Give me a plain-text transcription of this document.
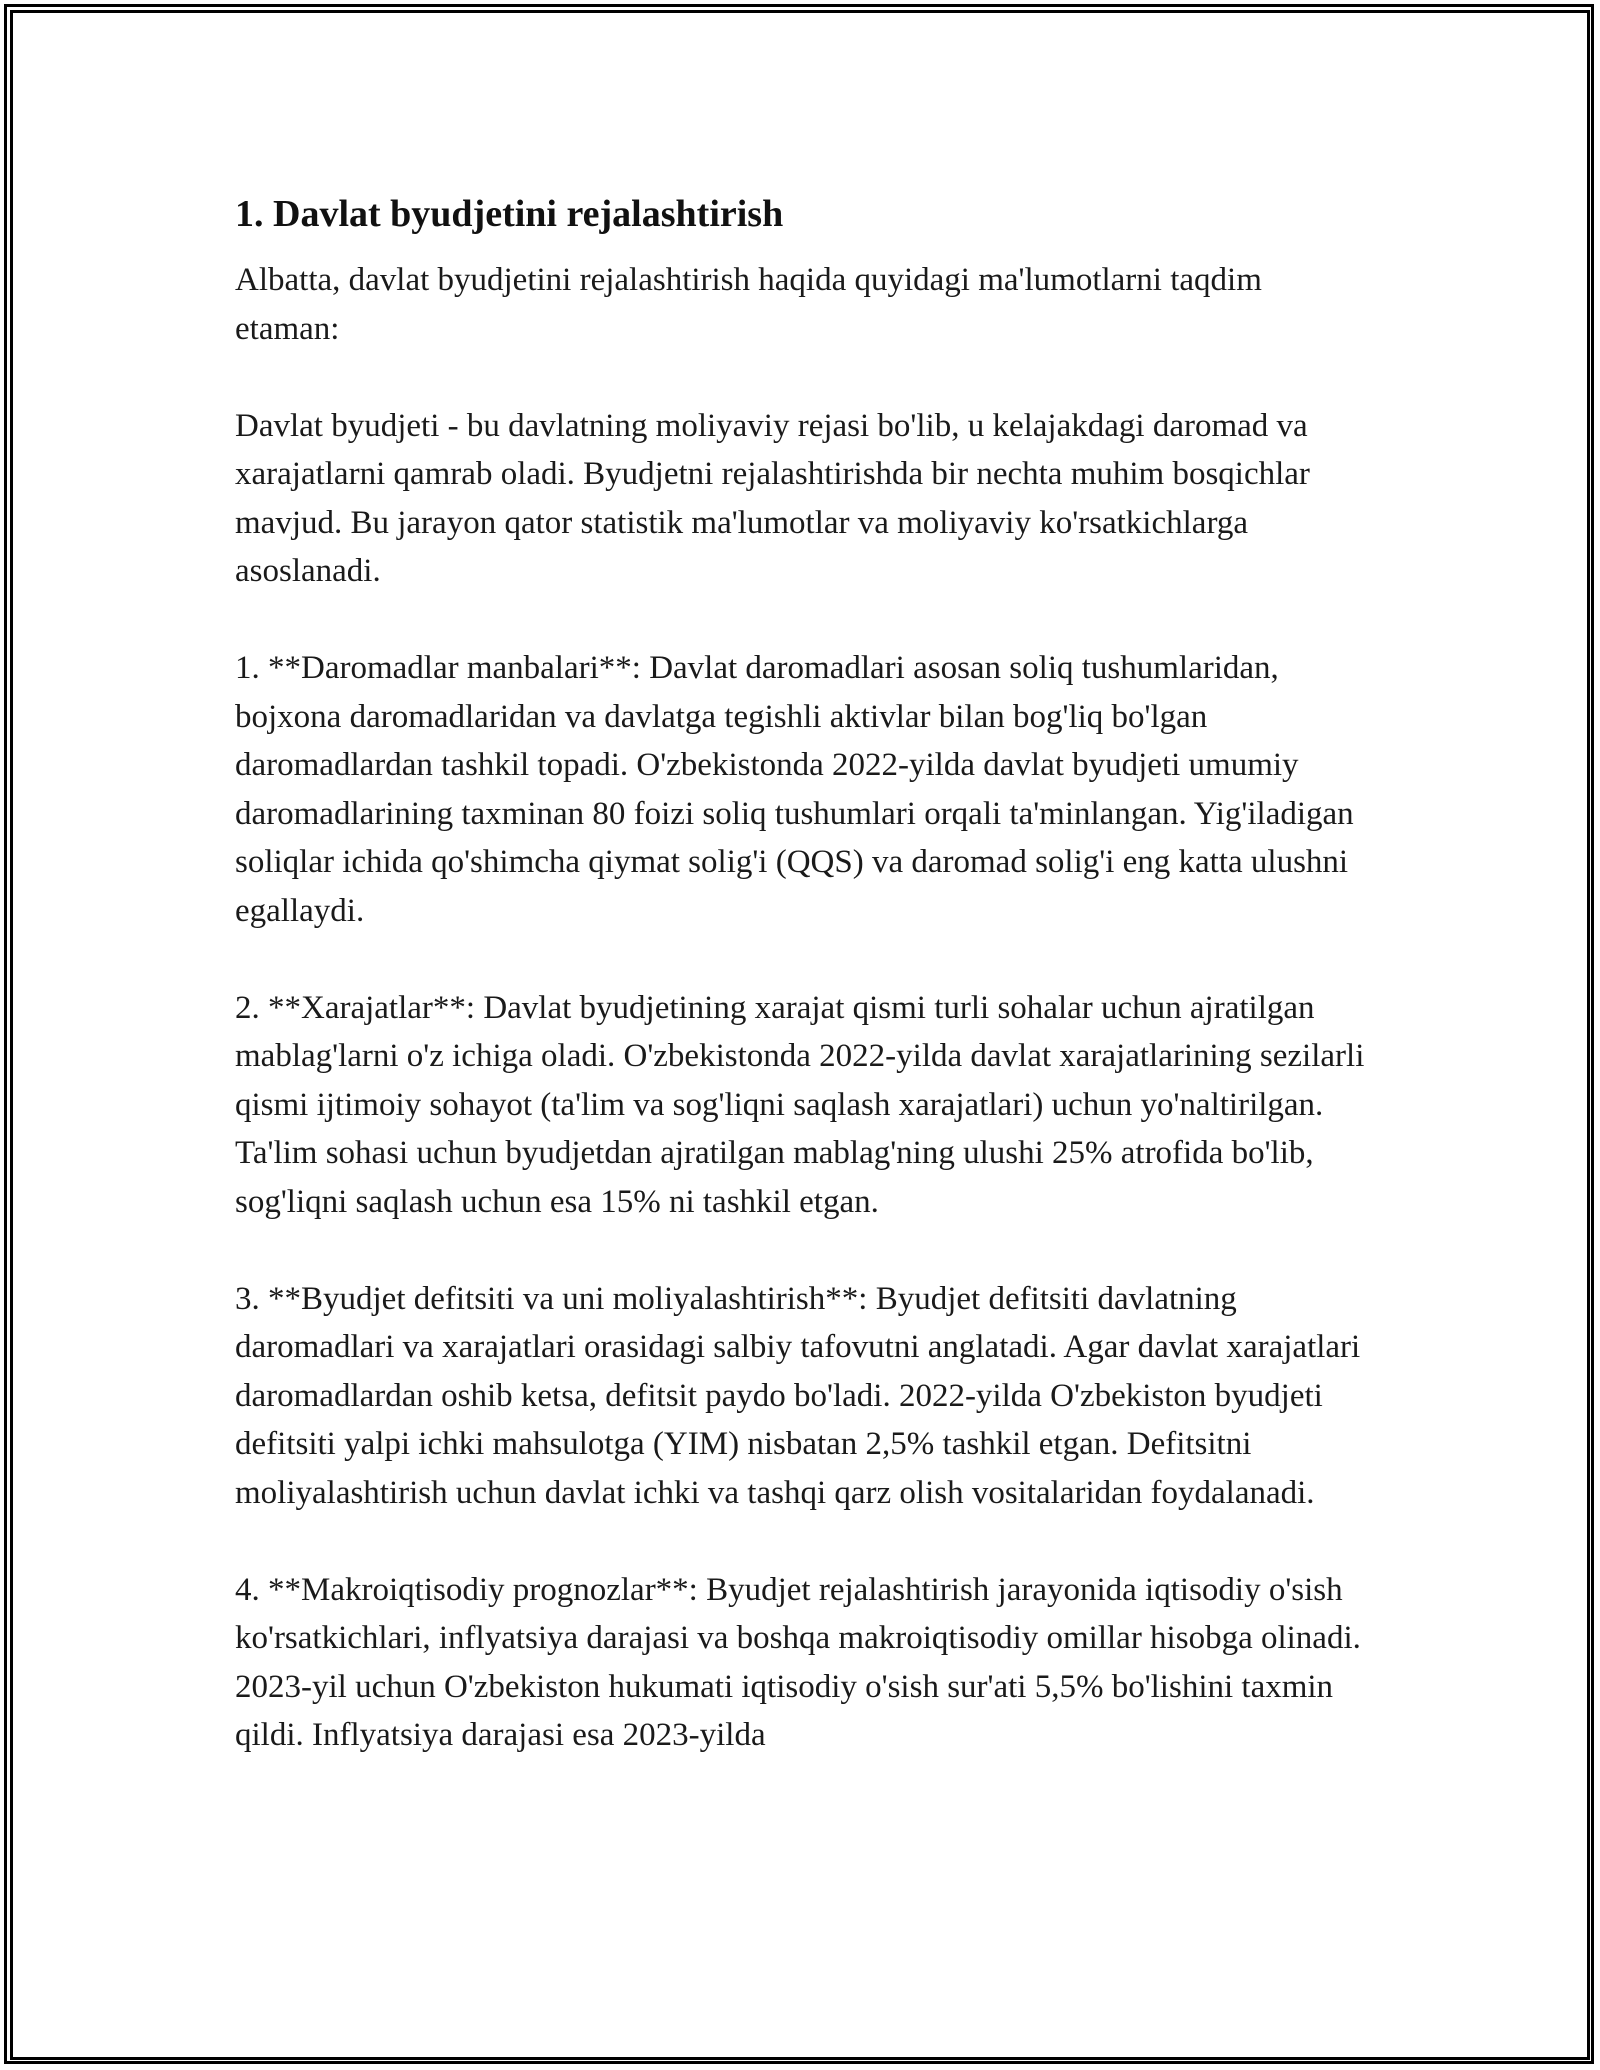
1. Davlat byudjetini rejalashtirish

Albatta, davlat byudjetini rejalashtirish haqida quyidagi ma'lumotlarni taqdim etaman:

Davlat byudjeti - bu davlatning moliyaviy rejasi bo'lib, u kelajakdagi daromad va xarajatlarni qamrab oladi. Byudjetni rejalashtirishda bir nechta muhim bosqichlar mavjud. Bu jarayon qator statistik ma'lumotlar va moliyaviy ko'rsatkichlarga asoslanadi.

1. **Daromadlar manbalari**: Davlat daromadlari asosan soliq tushumlaridan, bojxona daromadlaridan va davlatga tegishli aktivlar bilan bog'liq bo'lgan daromadlardan tashkil topadi. O'zbekistonda 2022-yilda davlat byudjeti umumiy daromadlarining taxminan 80 foizi soliq tushumlari orqali ta'minlangan. Yig'iladigan soliqlar ichida qo'shimcha qiymat solig'i (QQS) va daromad solig'i eng katta ulushni egallaydi.

2. **Xarajatlar**: Davlat byudjetining xarajat qismi turli sohalar uchun ajratilgan mablag'larni o'z ichiga oladi. O'zbekistonda 2022-yilda davlat xarajatlarining sezilarli qismi ijtimoiy sohayot (ta'lim va sog'liqni saqlash xarajatlari) uchun yo'naltirilgan. Ta'lim sohasi uchun byudjetdan ajratilgan mablag'ning ulushi 25% atrofida bo'lib, sog'liqni saqlash uchun esa 15% ni tashkil etgan.

3. **Byudjet defitsiti va uni moliyalashtirish**: Byudjet defitsiti davlatning daromadlari va xarajatlari orasidagi salbiy tafovutni anglatadi. Agar davlat xarajatlari daromadlardan oshib ketsa, defitsit paydo bo'ladi. 2022-yilda O'zbekiston byudjeti defitsiti yalpi ichki mahsulotga (YIM) nisbatan 2,5% tashkil etgan. Defitsitni moliyalashtirish uchun davlat ichki va tashqi qarz olish vositalaridan foydalanadi.

4. **Makroiqtisodiy prognozlar**: Byudjet rejalashtirish jarayonida iqtisodiy o'sish ko'rsatkichlari, inflyatsiya darajasi va boshqa makroiqtisodiy omillar hisobga olinadi. 2023-yil uchun O'zbekiston hukumati iqtisodiy o'sish sur'ati 5,5% bo'lishini taxmin qildi. Inflyatsiya darajasi esa 2023-yilda
